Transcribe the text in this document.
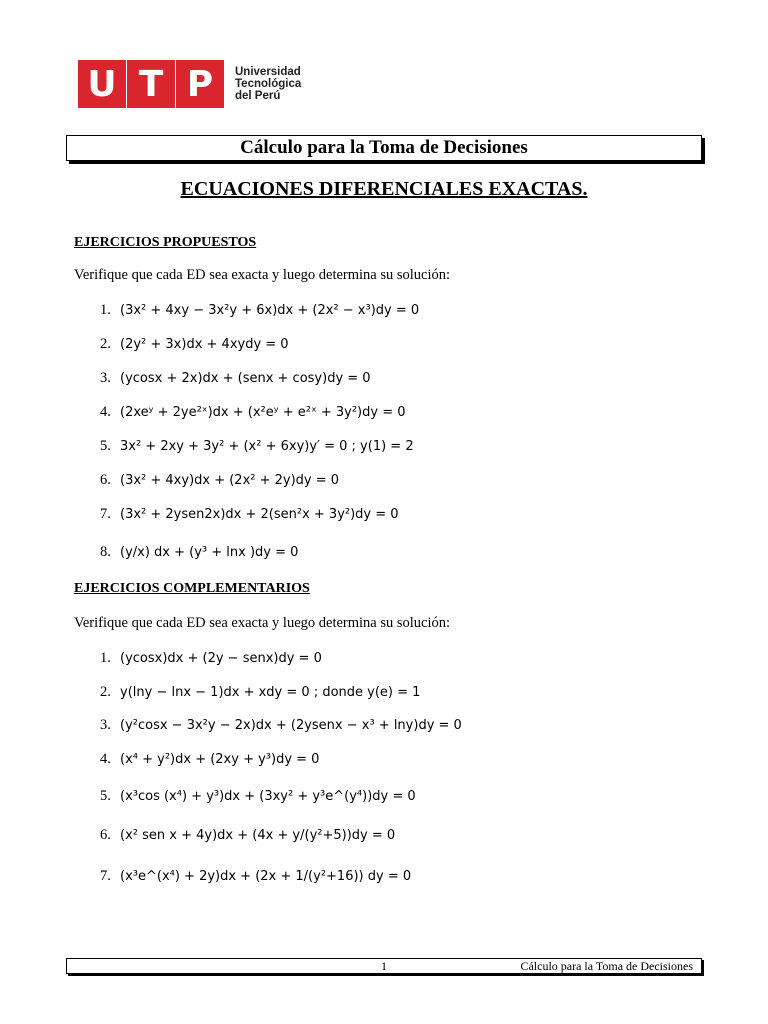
U T P	Universidad
Tecnológica
del Perú
Cálculo para la Toma de Decisiones
ECUACIONES DIFERENCIALES EXACTAS.
EJERCICIOS PROPUESTOS
Verifique que cada ED sea exacta y luego determina su solución:
1. (3x² + 4xy − 3x²y + 6x)dx + (2x² − x³)dy = 0
2. (2y² + 3x)dx + 4xydy = 0
3. (ycosx + 2x)dx + (senx + cosy)dy = 0
4. (2xeʸ + 2ye²ˣ)dx + (x²eʸ + e²ˣ + 3y²)dy = 0
5. 3x² + 2xy + 3y² + (x² + 6xy)y′ = 0 ; y(1) = 2
6. (3x² + 4xy)dx + (2x² + 2y)dy = 0
7. (3x² + 2ysen2x)dx + 2(sen²x + 3y²)dy = 0
8. (y/x) dx + (y³ + lnx )dy = 0
EJERCICIOS COMPLEMENTARIOS
Verifique que cada ED sea exacta y luego determina su solución:
1. (ycosx)dx + (2y − senx)dy = 0
2. y(lny − lnx − 1)dx + xdy = 0 ; donde y(e) = 1
3. (y²cosx − 3x²y − 2x)dx + (2ysenx − x³ + lny)dy = 0
4. (x⁴ + y²)dx + (2xy + y³)dy = 0
5. (x³cos (x⁴) + y³)dx + (3xy² + y³e^(y⁴))dy = 0
6. (x² sen x + 4y)dx + (4x + y/(y²+5))dy = 0
7. (x³e^(x⁴) + 2y)dx + (2x + 1/(y²+16)) dy = 0
1	Cálculo para la Toma de Decisiones
